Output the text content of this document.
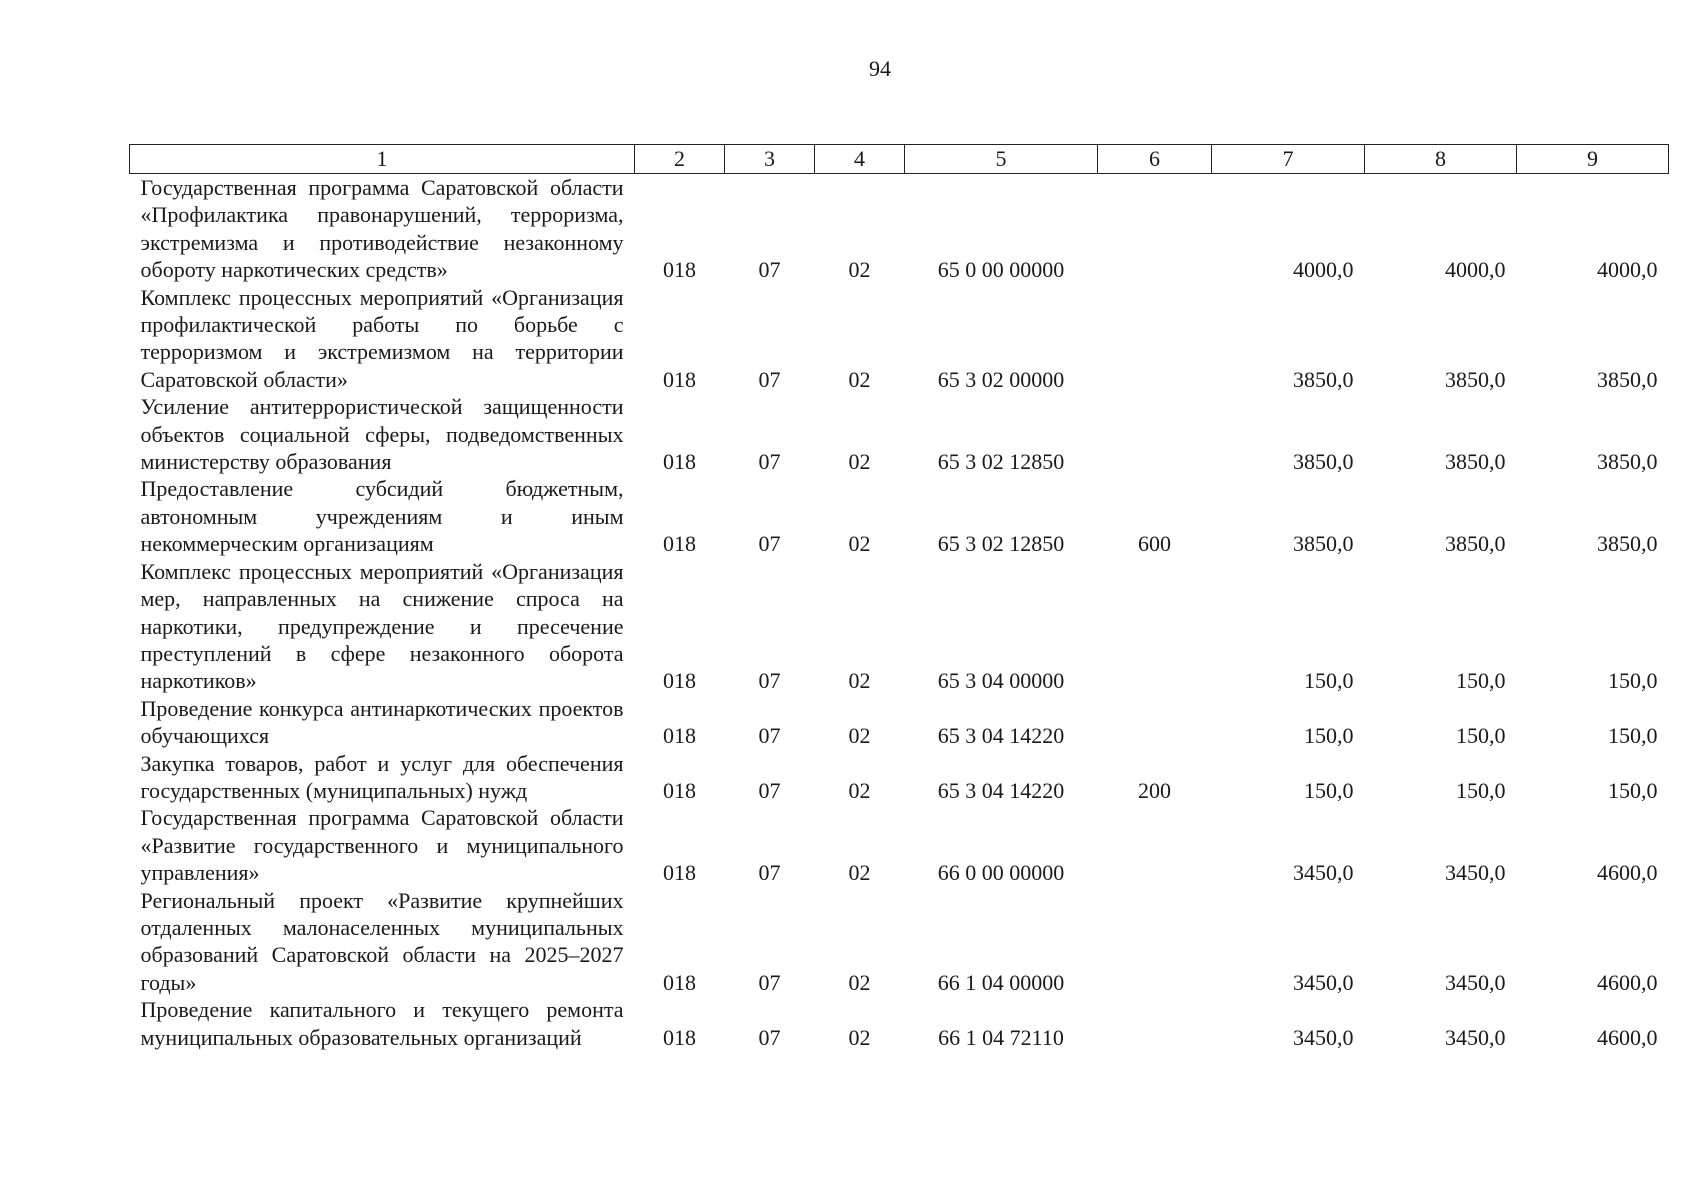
94
1	2	3	4	5	6	7	8	9
Государственная программа Саратовской области «Профилактика правонарушений, терроризма, экстремизма и противодействие незаконному обороту наркотических средств»	018	07	02	65 0 00 00000		4000,0	4000,0	4000,0
Комплекс процессных мероприятий «Организация профилактической работы по борьбе с терроризмом и экстремизмом на территории Саратовской области»	018	07	02	65 3 02 00000		3850,0	3850,0	3850,0
Усиление антитеррористической защищенности объектов социальной сферы, подведомственных министерству образования	018	07	02	65 3 02 12850		3850,0	3850,0	3850,0
Предоставление субсидий бюджетным, автономным учреждениям и иным некоммерческим организациям	018	07	02	65 3 02 12850	600	3850,0	3850,0	3850,0
Комплекс процессных мероприятий «Организация мер, направленных на снижение спроса на наркотики, предупреждение и пресечение преступлений в сфере незаконного оборота наркотиков»	018	07	02	65 3 04 00000		150,0	150,0	150,0
Проведение конкурса антинаркотических проектов обучающихся	018	07	02	65 3 04 14220		150,0	150,0	150,0
Закупка товаров, работ и услуг для обеспечения государственных (муниципальных) нужд	018	07	02	65 3 04 14220	200	150,0	150,0	150,0
Государственная программа Саратовской области «Развитие государственного и муниципального управления»	018	07	02	66 0 00 00000		3450,0	3450,0	4600,0
Региональный проект «Развитие крупнейших отдаленных малонаселенных муниципальных образований Саратовской области на 2025–2027 годы»	018	07	02	66 1 04 00000		3450,0	3450,0	4600,0
Проведение капитального и текущего ремонта муниципальных образовательных организаций	018	07	02	66 1 04 72110		3450,0	3450,0	4600,0
